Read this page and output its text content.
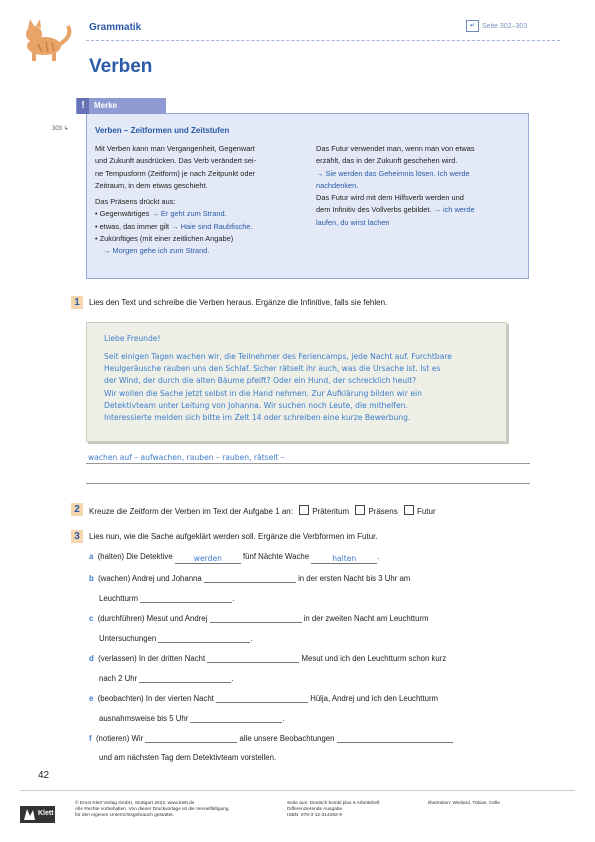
Grammatik	↵ Seite 302–303
Verben
Merke
!
303 ↳	Verben – Zeitformen und Zeitstufen
Mit Verben kann man Vergangenheit, Gegenwart
und Zukunft ausdrücken. Das Verb verändert sei-
ne Tempusform (Zeitform) je nach Zeitpunkt oder
Zeitraum, in dem etwas geschieht.
Das Präsens drückt aus:
• Gegenwärtiges → Er geht zum Strand.
• etwas, das immer gilt → Haie sind Raubfische.
• Zukünftiges (mit einer zeitlichen Angabe)
→ Morgen gehe ich zum Strand.
Das Futur verwendet man, wenn man von etwas
erzählt, das in der Zukunft geschehen wird.
→ Sie werden das Geheimnis lösen. Ich werde
nachdenken.
Das Futur wird mit dem Hilfsverb werden und
dem Infinitiv des Vollverbs gebildet. → ich werde
laufen, du wirst lachen
1	Lies den Text und schreibe die Verben heraus. Ergänze die Infinitive, falls sie fehlen.
Liebe Freunde!
Seit einigen Tagen wachen wir, die Teilnehmer des Feriencamps, jede Nacht auf. Furchtbare
Heulgeräusche rauben uns den Schlaf. Sicher rätselt ihr auch, was die Ursache ist. Ist es
der Wind, der durch die alten Bäume pfeift? Oder ein Hund, der schrecklich heult?
Wir wollen die Sache jetzt selbst in die Hand nehmen. Zur Aufklärung bilden wir ein
Detektivteam unter Leitung von Johanna. Wir suchen noch Leute, die mithelfen.
Interessierte melden sich bitte im Zelt 14 oder schreiben eine kurze Bewerbung.
wachen auf – aufwachen, rauben – rauben, rätselt –
2	Kreuze die Zeitform der Verben im Text der Aufgabe 1 an: Präteritum Präsens Futur
3	Lies nun, wie die Sache aufgeklärt werden soll. Ergänze die Verbformen im Futur.
a (halten) Die Detektive	werden	fünf Nächte Wache	halten	.
b (wachen) Andrej und Johanna	in der ersten Nacht bis 3 Uhr am
Leuchtturm	.
c (durchführen) Mesut und Andrej	in der zweiten Nacht am Leuchtturm
Untersuchungen	.
d (verlassen) In der dritten Nacht	Mesut und ich den Leuchtturm schon kurz
nach 2 Uhr	.
e (beobachten) In der vierten Nacht	Hülja, Andrej und ich den Leuchtturm
ausnahmsweise bis 5 Uhr	.
f (notieren) Wir	alle unsere Beobachtungen
und am nächsten Tag dem Detektivteam vorstellen.
42
Klett
© Ernst Klett Verlag GmbH, Stuttgart 2024, www.klett.de
Alle Rechte vorbehalten. Von dieser Druckvorlage ist die Vervielfältigung
für den eigenen Unterrichtsgebrauch gestattet.
Seite aus: Deutsch kombi plus 6 Arbeitsheft
Differenzierende Ausgabe
ISBN: 978-3-12-314492-9
Illustration: Wieland, Tobias, Celle
